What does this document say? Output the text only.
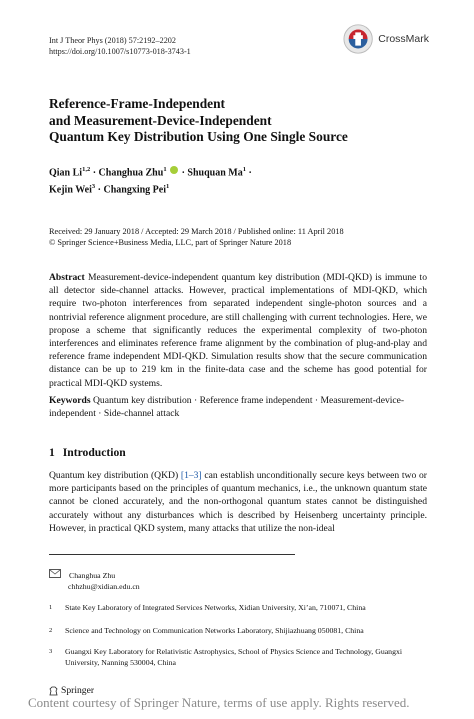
Int J Theor Phys (2018) 57:2192–2202
https://doi.org/10.1007/s10773-018-3743-1
CrossMark
Reference-Frame-Independent
and Measurement-Device-Independent
Quantum Key Distribution Using One Single Source
Qian Li$^{1,2}$ · Changhua Zhu$^1$  · Shuquan $Ma^1$ ·
Kejin Wei$^3$ · Changxing Pei$^1$
Received: 29 January 2018 / Accepted: 29 March 2018 / Published online: 11 April 2018
© Springer Science+Business Media, LLC, part of Springer Nature 2018
Abstract Measurement-device-independent quantum key distribution (MDI-QKD) is immune to all detector side-channel attacks. However, practical implementations of MDI-QKD, which require two-photon interferences from separated independent single-photon sources and a nontrivial reference alignment procedure, are still challenging with current technologies. Here, we propose a scheme that significantly reduces the experimental complexity of two-photon interferences and eliminates reference frame alignment by the combination of plug-and-play and reference frame independent MDI-QKD. Simulation results show that the secure communication distance can be up to 219 km in the finite-data case and the scheme has good potential for practical MDI-QKD systems.
Keywords Quantum key distribution · Reference frame independent · Measurement-device-independent · Side-channel attack
1 Introduction
Quantum key distribution (QKD) [1–3] can establish unconditionally secure keys between two or more participants based on the principles of quantum mechanics, i.e., the unknown quantum state cannot be cloned accurately, and the non-orthogonal quantum states cannot be distinguished accurately without any disturbances which is described by Heisenberg uncertainty principle. However, in practical QKD system, many attacks that utilize the non-ideal
Changhua Zhu
chhzhu@xidian.edu.cn
1 State Key Laboratory of Integrated Services Networks, Xidian University, Xi’an, 710071, China
2 Science and Technology on Communication Networks Laboratory, Shijiazhuang 050081, China
3 Guangxi Key Laboratory for Relativistic Astrophysics, School of Physics Science and Technology, Guangxi University, Nanning 530004, China
Springer
Content courtesy of Springer Nature, terms of use apply. Rights reserved.
